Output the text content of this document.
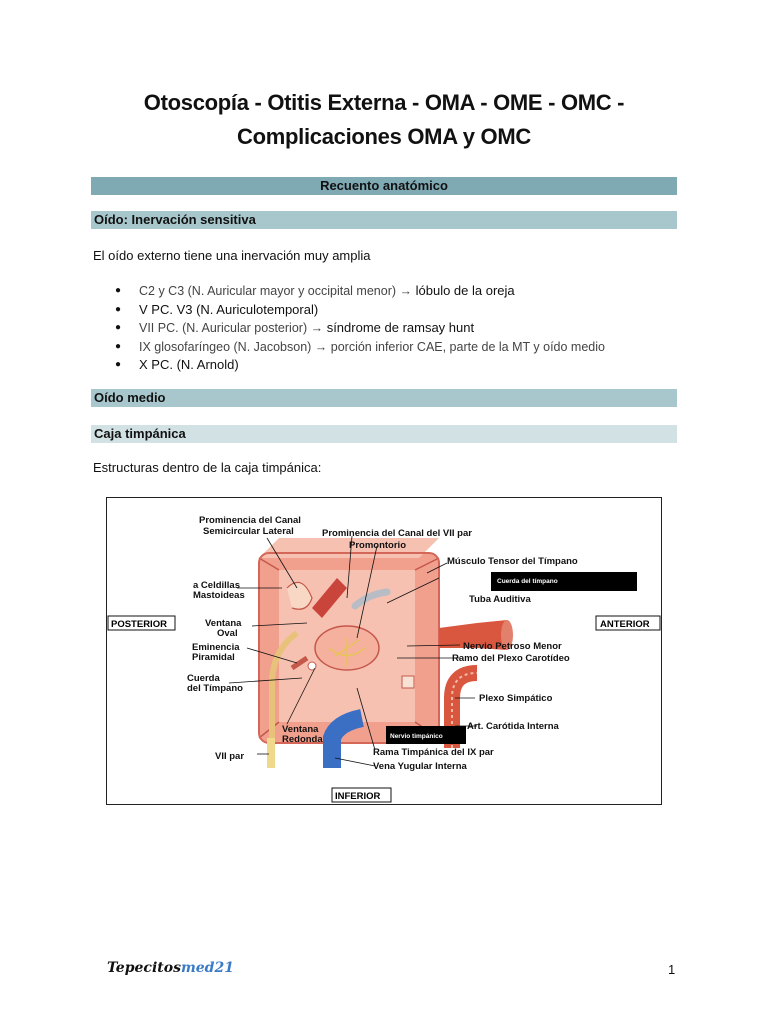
Otoscopía - Otitis Externa - OMA - OME - OMC -
Complicaciones OMA y OMC
Recuento anatómico
Oído: Inervación sensitiva
El oído externo tiene una inervación muy amplia
● C2 y C3 (N. Auricular mayor y occipital menor) → lóbulo de la oreja
● V PC. V3 (N. Auriculotemporal)
● VII PC. (N. Auricular posterior) → síndrome de ramsay hunt
● IX glosofaríngeo (N. Jacobson) → porción inferior CAE, parte de la MT y oído medio
● X PC. (N. Arnold)
Oído medio
Caja timpánica
Estructuras dentro de la caja timpánica:
Prominencia del Canal
Semicircular Lateral	Prominencia del Canal del VII par
Promontorio
Músculo Tensor del Tímpano
a Celdillas
Mastoideas	Tuba Auditiva
Ventana
Oval
Eminencia
Piramidal
Nervio Petroso Menor
Ramo del Plexo Carotídeo
Cuerda
del Tímpano
Plexo Simpático
Art. Carótida Interna
Ventana
Redonda
VII par	Rama Timpánica del IX par
Vena Yugular Interna
Cuerda del tímpano
Nervio timpánico
POSTERIOR	ANTERIOR
INFERIOR
Tepecitosmed21	1
